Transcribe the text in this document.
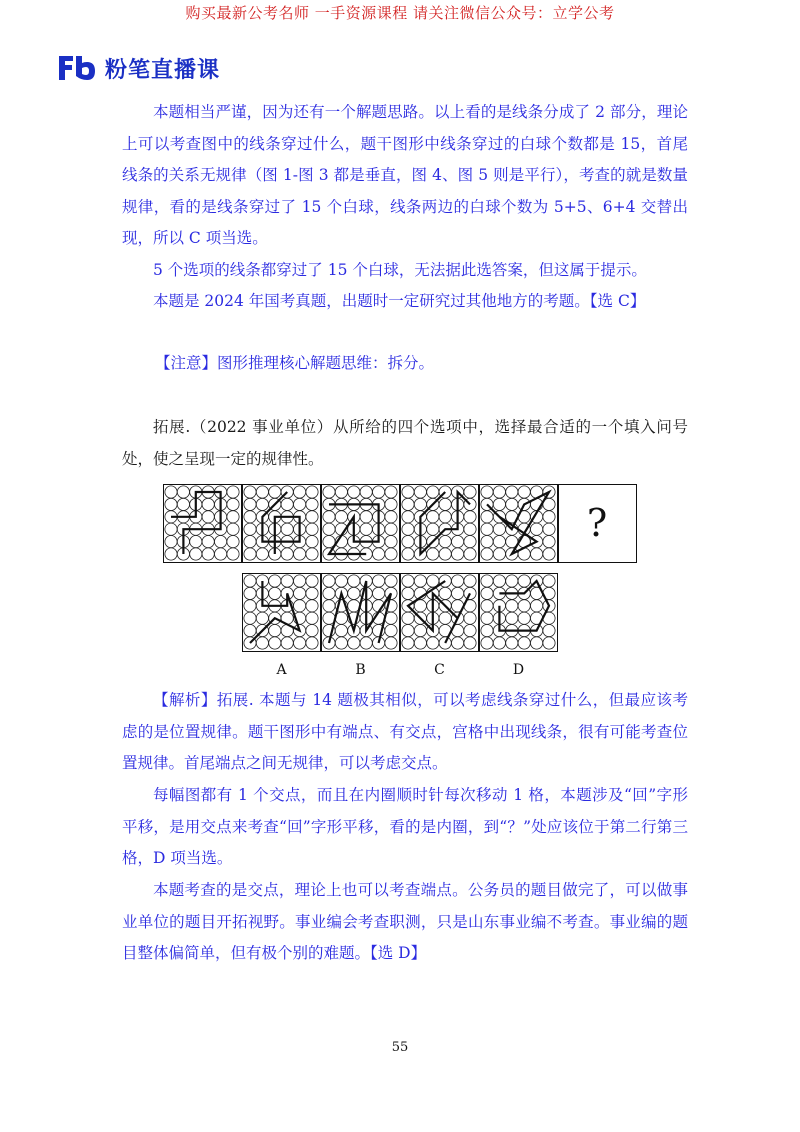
购买最新公考名师 一手资源课程 请关注微信公众号：立学公考
粉笔直播课

本题相当严谨，因为还有一个解题思路。以上看的是线条分成了 2 部分，理论上可以考查图中的线条穿过什么，题干图形中线条穿过的白球个数都是 15，首尾线条的关系无规律（图 1-图 3 都是垂直，图 4、图 5 则是平行），考查的就是数量规律，看的是线条穿过了 15 个白球，线条两边的白球个数为 5+5、6+4 交替出现，所以 C 项当选。

5 个选项的线条都穿过了 15 个白球，无法据此选答案，但这属于提示。

本题是 2024 年国考真题，出题时一定研究过其他地方的考题。【选 C】

【注意】图形推理核心解题思维：拆分。

拓展.（2022 事业单位）从所给的四个选项中，选择最合适的一个填入问号处，使之呈现一定的规律性。

?
A	B	C	D

【解析】拓展. 本题与 14 题极其相似，可以考虑线条穿过什么，但最应该考虑的是位置规律。题干图形中有端点、有交点，宫格中出现线条，很有可能考查位置规律。首尾端点之间无规律，可以考虑交点。

每幅图都有 1 个交点，而且在内圈顺时针每次移动 1 格，本题涉及“回”字形平移，是用交点来考查“回”字形平移，看的是内圈，到“？”处应该位于第二行第三格，D 项当选。

本题考查的是交点，理论上也可以考查端点。公务员的题目做完了，可以做事业单位的题目开拓视野。事业编会考查职测，只是山东事业编不考查。事业编的题目整体偏简单，但有极个别的难题。【选 D】

55
